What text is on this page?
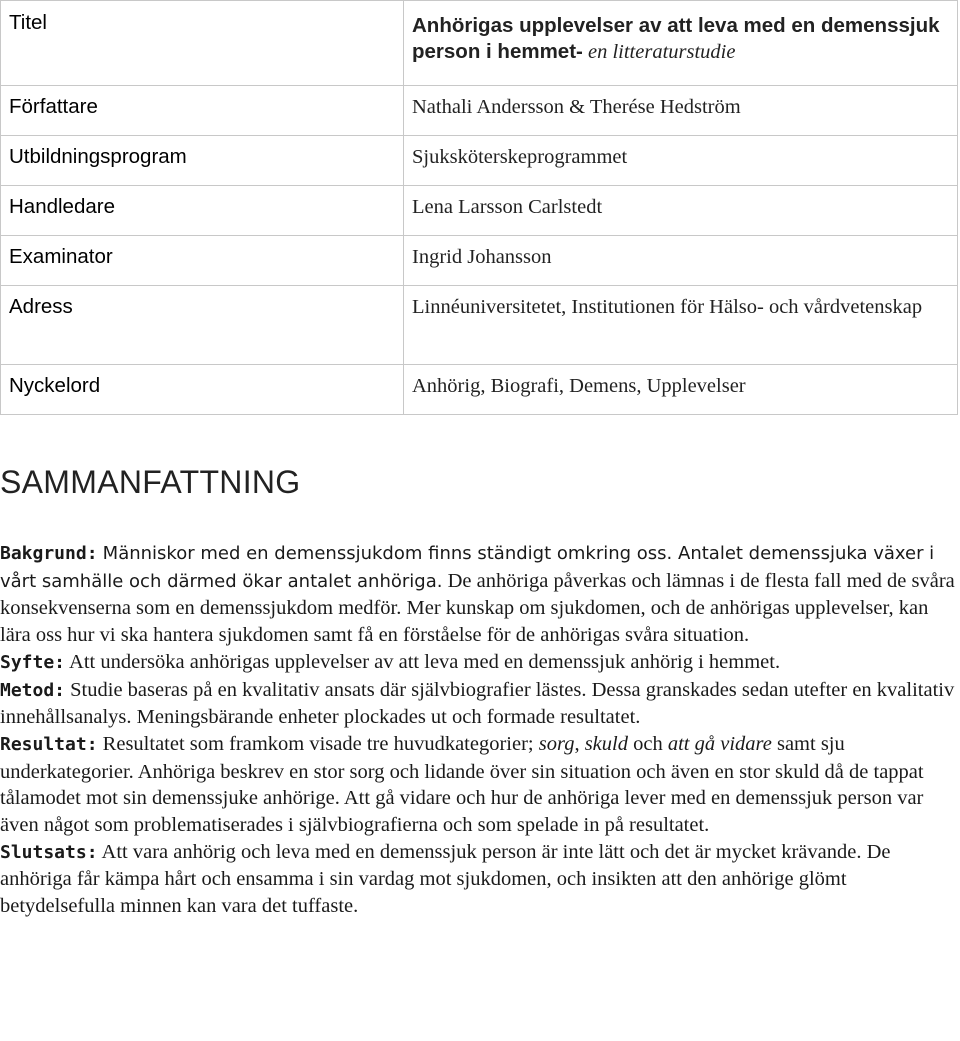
Titel	Anhörigas upplevelser av att leva med en demenssjuk person i hemmet- en litteraturstudie
Författare	Nathali Andersson & Therése Hedström
Utbildningsprogram	Sjuksköterskeprogrammet
Handledare	Lena Larsson Carlstedt
Examinator	Ingrid Johansson
Adress	Linnéuniversitetet, Institutionen för Hälso- och vårdvetenskap
Nyckelord	Anhörig, Biografi, Demens, Upplevelser
SAMMANFATTNING

Bakgrund: Människor med en demenssjukdom finns ständigt omkring oss. Antalet demenssjuka växer i vårt samhälle och därmed ökar antalet anhöriga. De anhöriga påverkas och lämnas i de flesta fall med de svåra konsekvenserna som en demenssjukdom medför. Mer kunskap om sjukdomen, och de anhörigas upplevelser, kan lära oss hur vi ska hantera sjukdomen samt få en förståelse för de anhörigas svåra situation.

Syfte: Att undersöka anhörigas upplevelser av att leva med en demenssjuk anhörig i hemmet.

Metod: Studie baseras på en kvalitativ ansats där självbiografier lästes. Dessa granskades sedan utefter en kvalitativ innehållsanalys. Meningsbärande enheter plockades ut och formade resultatet.

Resultat: Resultatet som framkom visade tre huvudkategorier; sorg, skuld och att gå vidare samt sju underkategorier. Anhöriga beskrev en stor sorg och lidande över sin situation och även en stor skuld då de tappat tålamodet mot sin demenssjuke anhörige. Att gå vidare och hur de anhöriga lever med en demenssjuk person var även något som problematiserades i självbiografierna och som spelade in på resultatet.

Slutsats: Att vara anhörig och leva med en demenssjuk person är inte lätt och det är mycket krävande. De anhöriga får kämpa hårt och ensamma i sin vardag mot sjukdomen, och insikten att den anhörige glömt betydelsefulla minnen kan vara det tuffaste.
